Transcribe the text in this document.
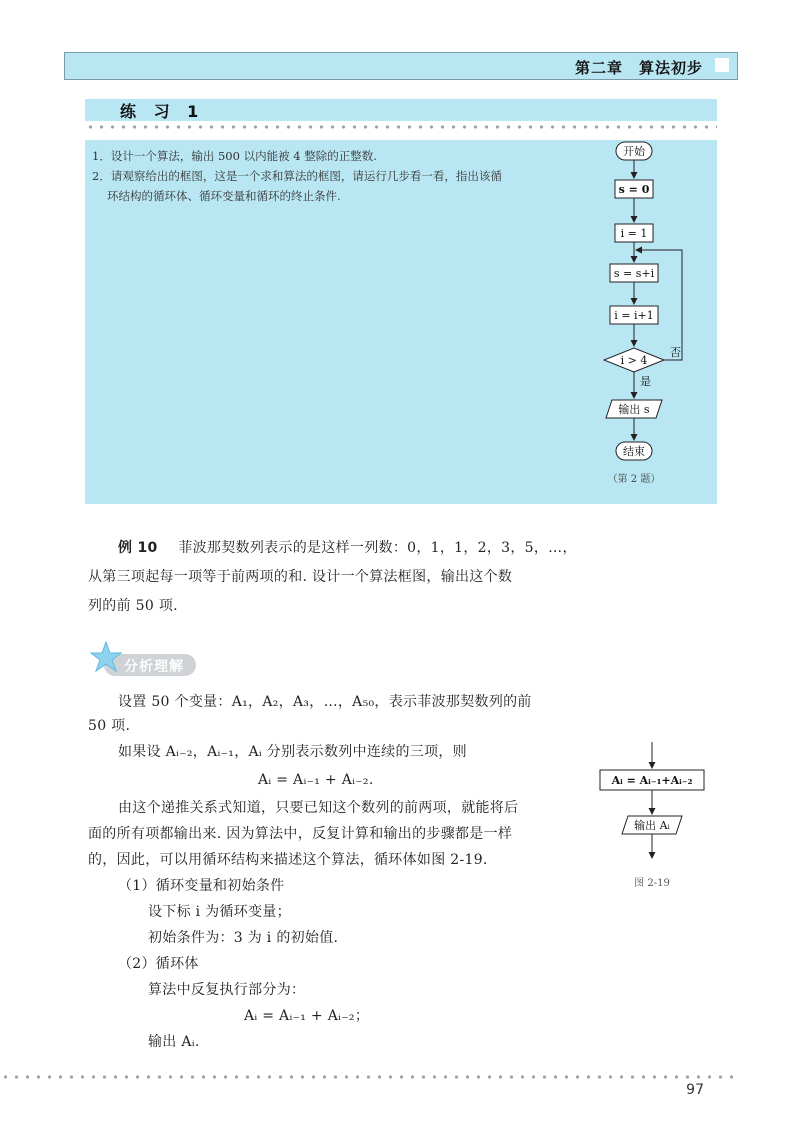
第二章　算法初步
练 习 1
1．设计一个算法，输出 500 以内能被 4 整除的正整数.
2．请观察给出的框图，这是一个求和算法的框图，请运行几步看一看，指出该循
环结构的循环体、循环变量和循环的终止条件.
开始
s = 0
i = 1
s = s+i
i = i+1
i > 4
否
是
输出 s
结束
（第 2 题）
例 10 菲波那契数列表示的是这样一列数：0，1，1，2，3，5，…，
从第三项起每一项等于前两项的和. 设计一个算法框图，输出这个数
列的前 50 项.
分析理解
设置 50 个变量：A₁，A₂，A₃，…，A₅₀，表示菲波那契数列的前
50 项.
如果设 Aᵢ₋₂，Aᵢ₋₁，Aᵢ 分别表示数列中连续的三项，则
Aᵢ = Aᵢ₋₁ + Aᵢ₋₂.
由这个递推关系式知道，只要已知这个数列的前两项，就能将后
面的所有项都输出来. 因为算法中，反复计算和输出的步骤都是一样
的，因此，可以用循环结构来描述这个算法，循环体如图 2-19.
（1）循环变量和初始条件
设下标 i 为循环变量；
初始条件为：3 为 i 的初始值.
（2）循环体
算法中反复执行部分为：
Aᵢ = Aᵢ₋₁ + Aᵢ₋₂；
输出 Aᵢ.
Aᵢ = Aᵢ₋₁+Aᵢ₋₂
输出 Aᵢ
图 2-19
97
